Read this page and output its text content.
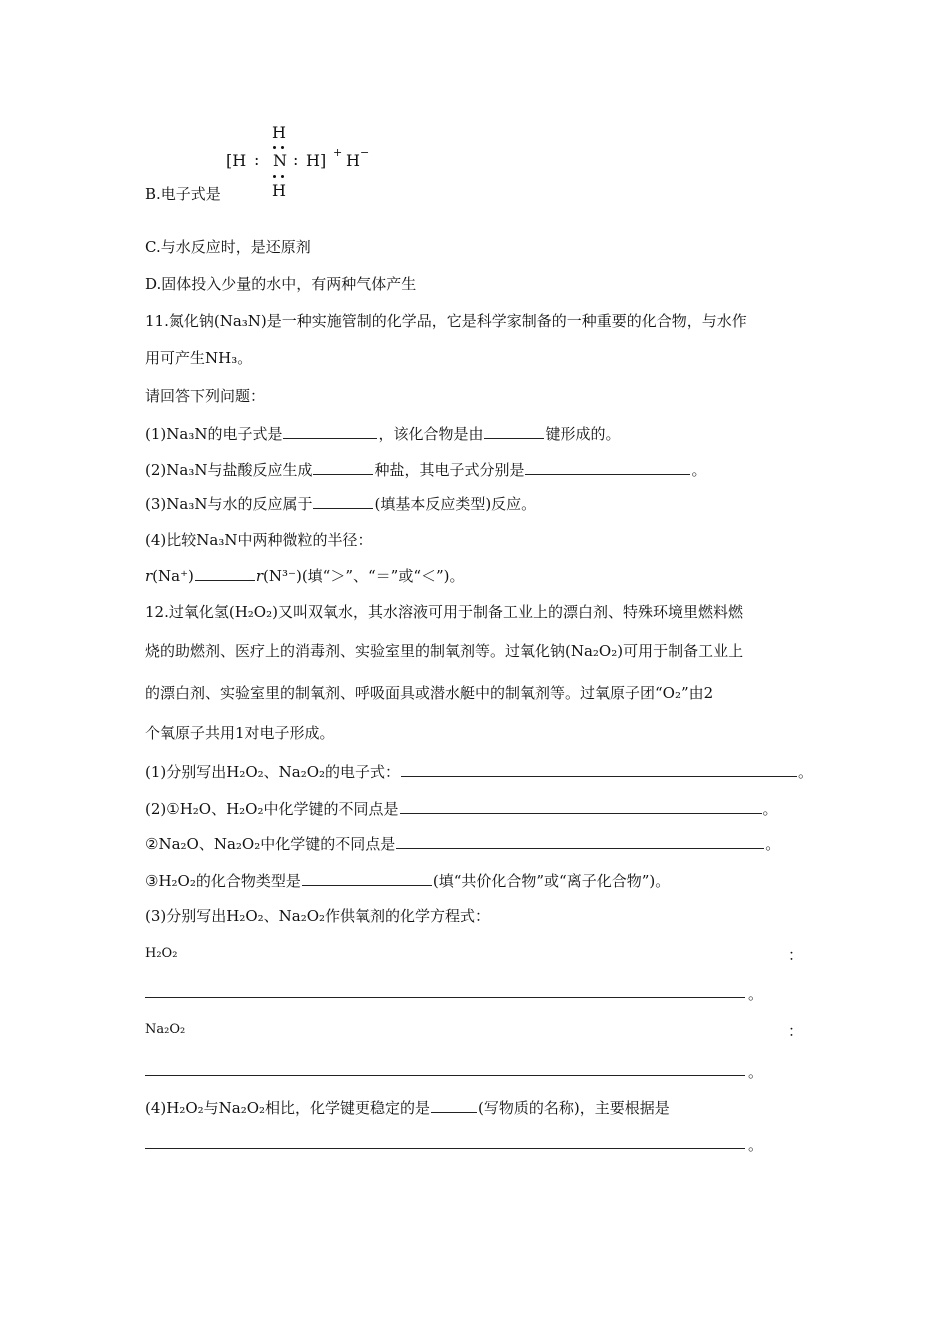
H
[H : N : H] + H −
H
B.电子式是
C.与水反应时，是还原剂
D.固体投入少量的水中，有两种气体产生
11.氮化钠(Na₃N)是一种实施管制的化学品，它是科学家制备的一种重要的化合物，与水作
用可产生NH₃。
请回答下列问题：
(1)Na₃N的电子式是	，该化合物是由	键形成的。
(2)Na₃N与盐酸反应生成	种盐，其电子式分别是	。
(3)Na₃N与水的反应属于	(填基本反应类型)反应。
(4)比较Na₃N中两种微粒的半径：
r(Na⁺)	r(N³⁻)(填“＞”、“＝”或“＜”)。
12.过氧化氢(H₂O₂)又叫双氧水，其水溶液可用于制备工业上的漂白剂、特殊环境里燃料燃
烧的助燃剂、医疗上的消毒剂、实验室里的制氧剂等。过氧化钠(Na₂O₂)可用于制备工业上
的漂白剂、实验室里的制氧剂、呼吸面具或潜水艇中的制氧剂等。过氧原子团“O₂”由2
个氧原子共用1对电子形成。
(1)分别写出H₂O₂、Na₂O₂的电子式：	。
(2)①H₂O、H₂O₂中化学键的不同点是	。
②Na₂O、Na₂O₂中化学键的不同点是	。
③H₂O₂的化合物类型是	(填“共价化合物”或“离子化合物”)。
(3)分别写出H₂O₂、Na₂O₂作供氧剂的化学方程式：
H₂O₂	：
。
Na₂O₂	：
。
(4)H₂O₂与Na₂O₂相比，化学键更稳定的是	(写物质的名称)，主要根据是
。
